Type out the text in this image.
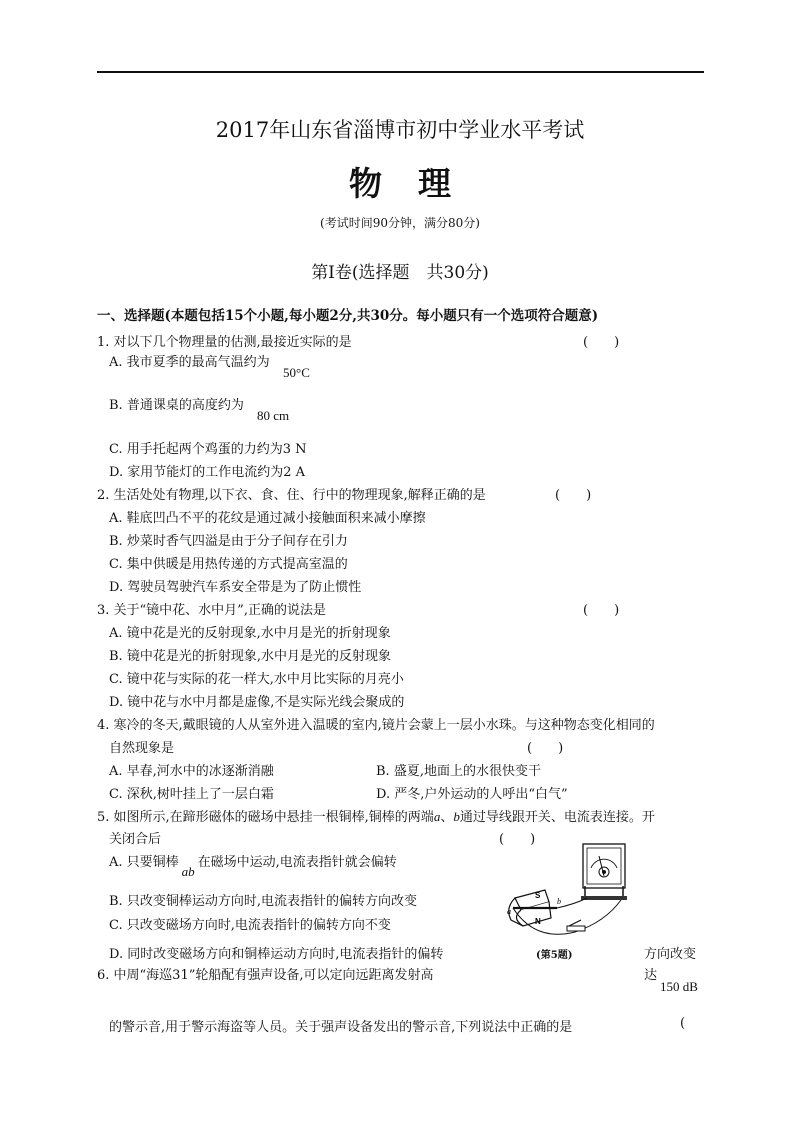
2017年山东省淄博市初中学业水平考试
物理
(考试时间90分钟，满分80分)
第Ⅰ卷(选择题　共30分)
一、选择题(本题包括15个小题,每小题2分,共30分。每小题只有一个选项符合题意)
1. 对以下几个物理量的估测,最接近实际的是	(　　)
A. 我市夏季的最高气温约为
50°C
B. 普通课桌的高度约为
80 cm
C. 用手托起两个鸡蛋的力约为3 N
D. 家用节能灯的工作电流约为2 A
2. 生活处处有物理,以下衣、食、住、行中的物理现象,解释正确的是	(　　)
A. 鞋底凹凸不平的花纹是通过减小接触面积来减小摩擦
B. 炒菜时香气四溢是由于分子间存在引力
C. 集中供暖是用热传递的方式提高室温的
D. 驾驶员驾驶汽车系安全带是为了防止惯性
3. 关于“镜中花、水中月”,正确的说法是	(　　)
A. 镜中花是光的反射现象,水中月是光的折射现象
B. 镜中花是光的折射现象,水中月是光的反射现象
C. 镜中花与实际的花一样大,水中月比实际的月亮小
D. 镜中花与水中月都是虚像,不是实际光线会聚成的
4. 寒冷的冬天,戴眼镜的人从室外进入温暖的室内,镜片会蒙上一层小水珠。与这种物态变化相同的
自然现象是	(　　)
A. 早春,河水中的冰逐渐消融	B. 盛夏,地面上的水很快变干
C. 深秋,树叶挂上了一层白霜	D. 严冬,户外运动的人呼出“白气”
5. 如图所示,在蹄形磁体的磁场中悬挂一根铜棒,铜棒的两端a、b通过导线跟开关、电流表连接。开
关闭合后	(　　)
A. 只要铜棒ab在磁场中运动,电流表指针就会偏转
B. 只改变铜棒运动方向时,电流表指针的偏转方向改变
C. 只改变磁场方向时,电流表指针的偏转方向不变
D. 同时改变磁场方向和铜棒运动方向时,电流表指针的偏转	方向改变
S
N
a
b
(第5题)
6. 中周“海巡31”轮船配有强声设备,可以定向远距离发射高	达
150 dB
的警示音,用于警示海盗等人员。关于强声设备发出的警示音,下列说法中正确的是	(
